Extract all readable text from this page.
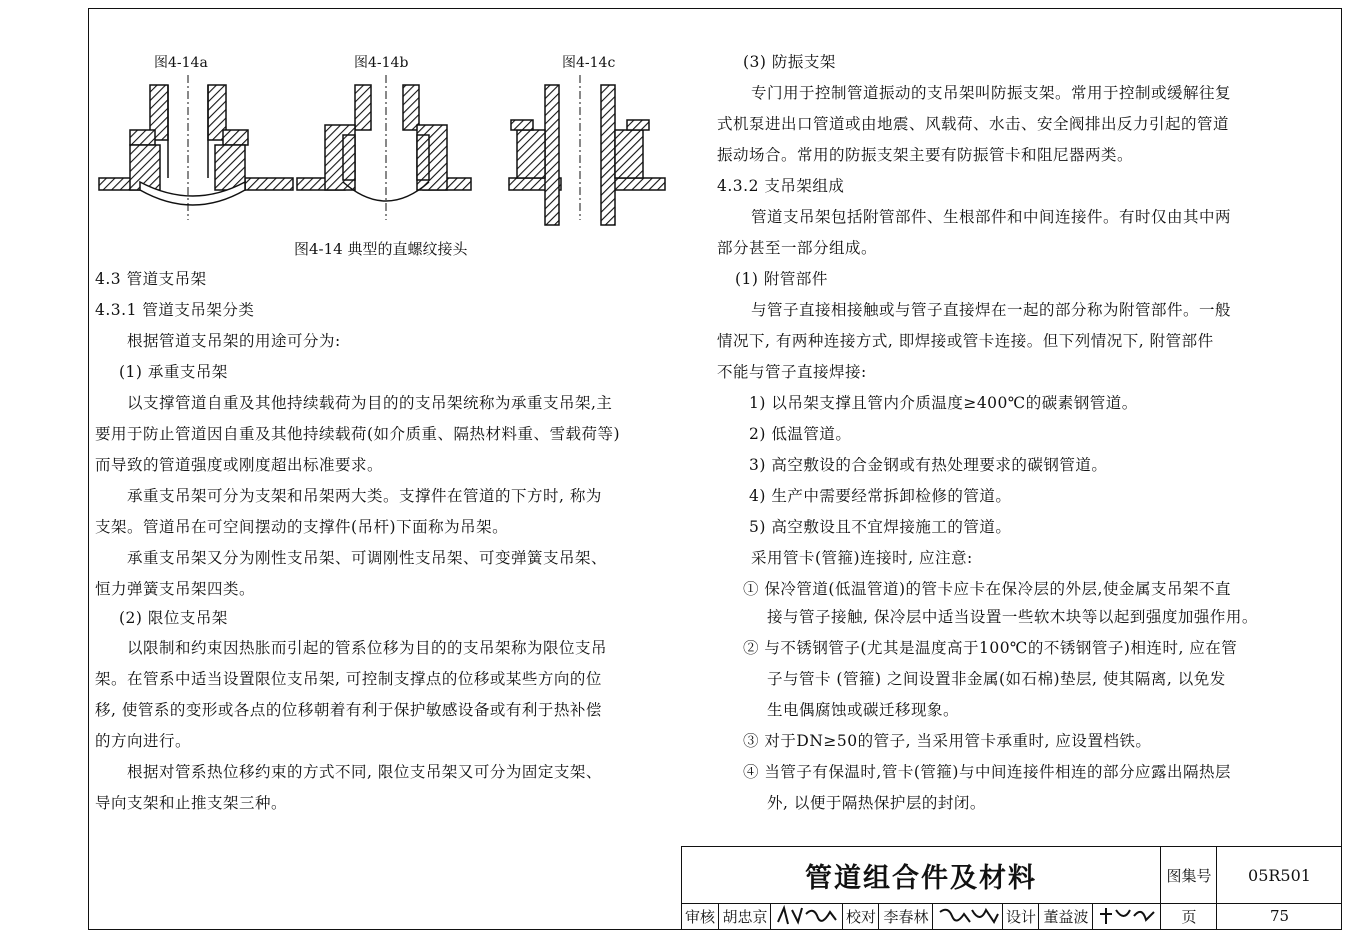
图4-14a	图4-14b	图4-14c
图4-14 典型的直螺纹接头
4.3 管道支吊架
4.3.1 管道支吊架分类
根据管道支吊架的用途可分为:
(1) 承重支吊架
以支撑管道自重及其他持续载荷为目的的支吊架统称为承重支吊架,主
要用于防止管道因自重及其他持续载荷(如介质重、隔热材料重、雪载荷等)
而导致的管道强度或刚度超出标准要求。
承重支吊架可分为支架和吊架两大类。支撑件在管道的下方时, 称为
支架。管道吊在可空间摆动的支撑件(吊杆)下面称为吊架。
承重支吊架又分为刚性支吊架、可调刚性支吊架、可变弹簧支吊架、
恒力弹簧支吊架四类。
(2) 限位支吊架
以限制和约束因热胀而引起的管系位移为目的的支吊架称为限位支吊
架。在管系中适当设置限位支吊架, 可控制支撑点的位移或某些方向的位
移, 使管系的变形或各点的位移朝着有利于保护敏感设备或有利于热补偿
的方向进行。
根据对管系热位移约束的方式不同, 限位支吊架又可分为固定支架、
导向支架和止推支架三种。
(3) 防振支架
专门用于控制管道振动的支吊架叫防振支架。常用于控制或缓解往复
式机泵进出口管道或由地震、风载荷、水击、安全阀排出反力引起的管道
振动场合。常用的防振支架主要有防振管卡和阻尼器两类。
4.3.2 支吊架组成
管道支吊架包括附管部件、生根部件和中间连接件。有时仅由其中两
部分甚至一部分组成。
(1) 附管部件
与管子直接相接触或与管子直接焊在一起的部分称为附管部件。一般
情况下, 有两种连接方式, 即焊接或管卡连接。但下列情况下, 附管部件
不能与管子直接焊接:
1) 以吊架支撑且管内介质温度≥400℃的碳素钢管道。
2) 低温管道。
3) 高空敷设的合金钢或有热处理要求的碳钢管道。
4) 生产中需要经常拆卸检修的管道。
5) 高空敷设且不宜焊接施工的管道。
采用管卡(管箍)连接时, 应注意:
① 保冷管道(低温管道)的管卡应卡在保冷层的外层,使金属支吊架不直
接与管子接触, 保冷层中适当设置一些软木块等以起到强度加强作用。
② 与不锈钢管子(尤其是温度高于100℃的不锈钢管子)相连时, 应在管
子与管卡 (管箍) 之间设置非金属(如石棉)垫层, 使其隔离, 以免发
生电偶腐蚀或碳迁移现象。
③ 对于DN≥50的管子, 当采用管卡承重时, 应设置档铁。
④ 当管子有保温时,管卡(管箍)与中间连接件相连的部分应露出隔热层
外, 以便于隔热保护层的封闭。
管道组合件及材料	图集号	05R501
审核 胡忠京	校对 李春林	设计 董益波	页	75
